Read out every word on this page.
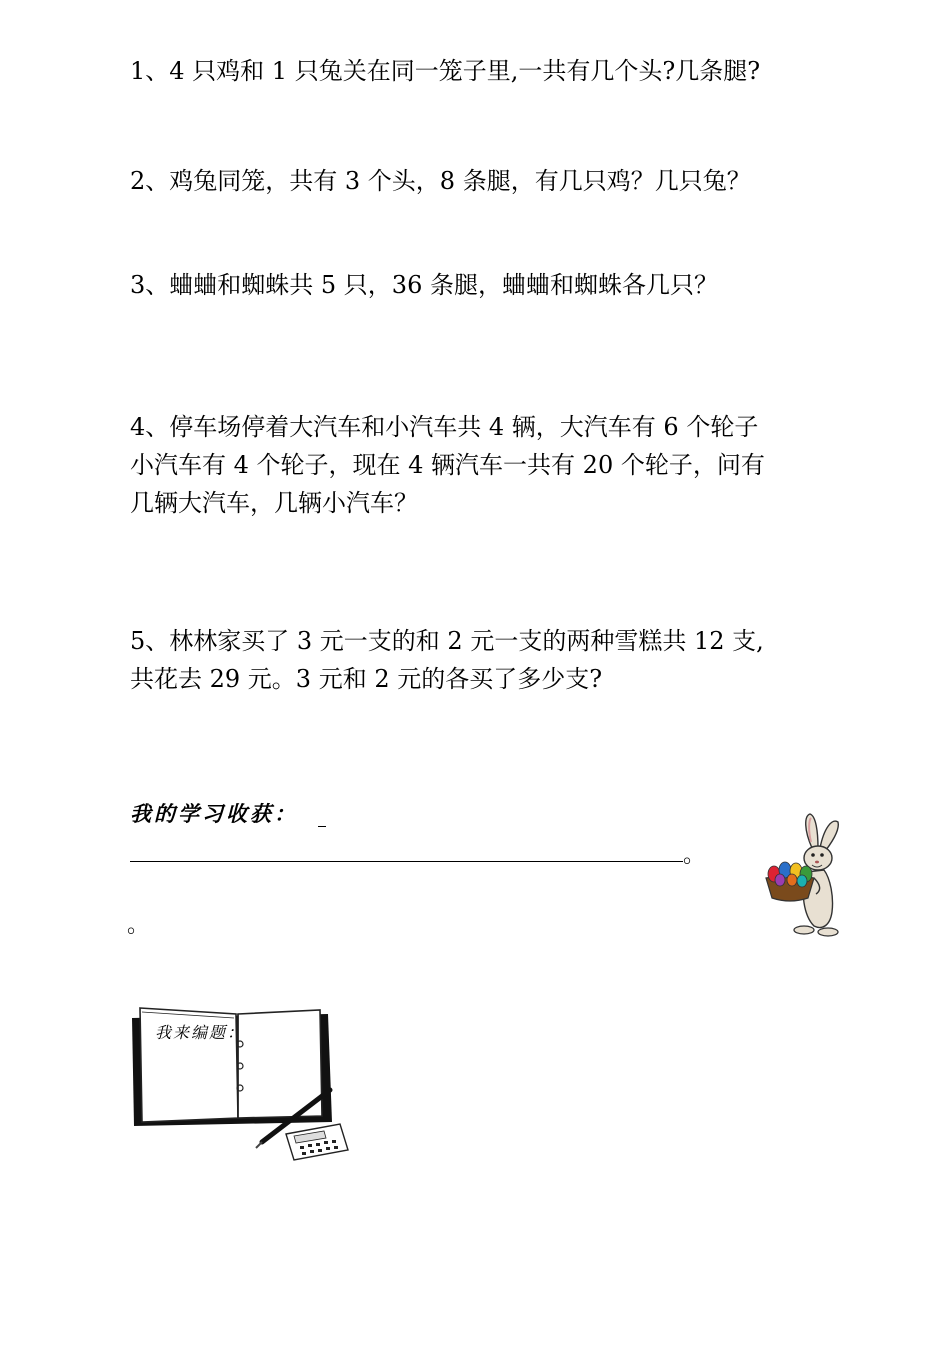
1、4 只鸡和 1 只兔关在同一笼子里,一共有几个头?几条腿?

2、鸡兔同笼，共有 3 个头，8 条腿，有几只鸡？几只兔？

3、蛐蛐和蜘蛛共 5 只，36 条腿，蛐蛐和蜘蛛各几只？

4、停车场停着大汽车和小汽车共 4 辆，大汽车有 6 个轮子
小汽车有 4 个轮子，现在 4 辆汽车一共有 20 个轮子，问有
几辆大汽车，几辆小汽车？

5、林林家买了 3 元一支的和 2 元一支的两种雪糕共 12 支,
共花去 29 元。3 元和 2 元的各买了多少支?

我的学习收获：
。
。
我来编题：
